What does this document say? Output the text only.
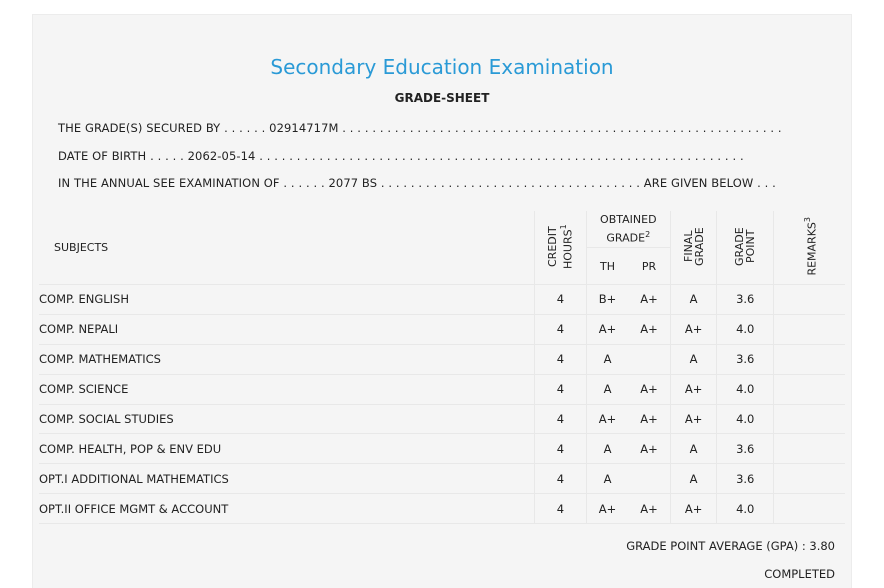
Secondary Education Examination
GRADE-SHEET
THE GRADE(S) SECURED BY . . . . . . 02914717M . . . . . . . . . . . . . . . . . . . . . . . . . . . . . . . . . . . . . . . . . . . . . . . . . . . . . . . . . . .
DATE OF BIRTH . . . . . 2062-05-14 . . . . . . . . . . . . . . . . . . . . . . . . . . . . . . . . . . . . . . . . . . . . . . . . . . . . . . . . . . . . . . . . .
IN THE ANNUAL SEE EXAMINATION OF . . . . . . 2077 BS . . . . . . . . . . . . . . . . . . . . . . . . . . . . . . . . . . . ARE GIVEN BELOW . . .
SUBJECTS	CREDIT HOURS$^1$	OBTAINED GRADE$^2$		FINAL GRADE	GRADE POINT	REMARKS$^3$
		TH	PR			
COMP. ENGLISH	4	B+	A+	A	3.6	
COMP. NEPALI	4	A+	A+	A+	4.0	
COMP. MATHEMATICS	4	A		A	3.6	
COMP. SCIENCE	4	A	A+	A+	4.0	
COMP. SOCIAL STUDIES	4	A+	A+	A+	4.0	
COMP. HEALTH, POP & ENV EDU	4	A	A+	A	3.6	
OPT.I ADDITIONAL MATHEMATICS	4	A		A	3.6	
OPT.II OFFICE MGMT & ACCOUNT	4	A+	A+	A+	4.0	
GRADE POINT AVERAGE (GPA) : 3.80
COMPLETED
